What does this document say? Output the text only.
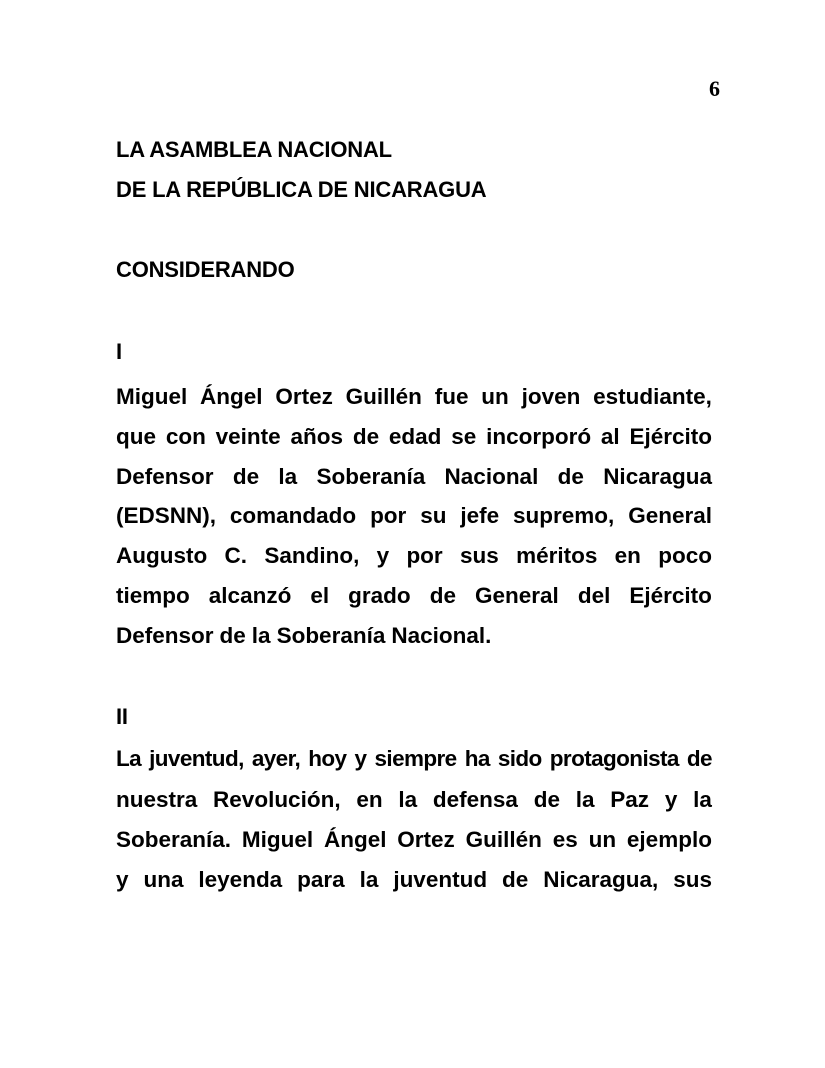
6
LA ASAMBLEA NACIONAL
DE LA REPÚBLICA DE NICARAGUA
CONSIDERANDO
I
Miguel Ángel Ortez Guillén fue un joven estudiante,
que con veinte años de edad se incorporó al Ejército
Defensor de la Soberanía Nacional de Nicaragua
(EDSNN), comandado por su jefe supremo, General
Augusto C. Sandino, y por sus méritos en poco
tiempo alcanzó el grado de General del Ejército
Defensor de la Soberanía Nacional.
II
La juventud, ayer, hoy y siempre ha sido protagonista de
nuestra Revolución, en la defensa de la Paz y la
Soberanía. Miguel Ángel Ortez Guillén es un ejemplo
y una leyenda para la juventud de Nicaragua, sus
